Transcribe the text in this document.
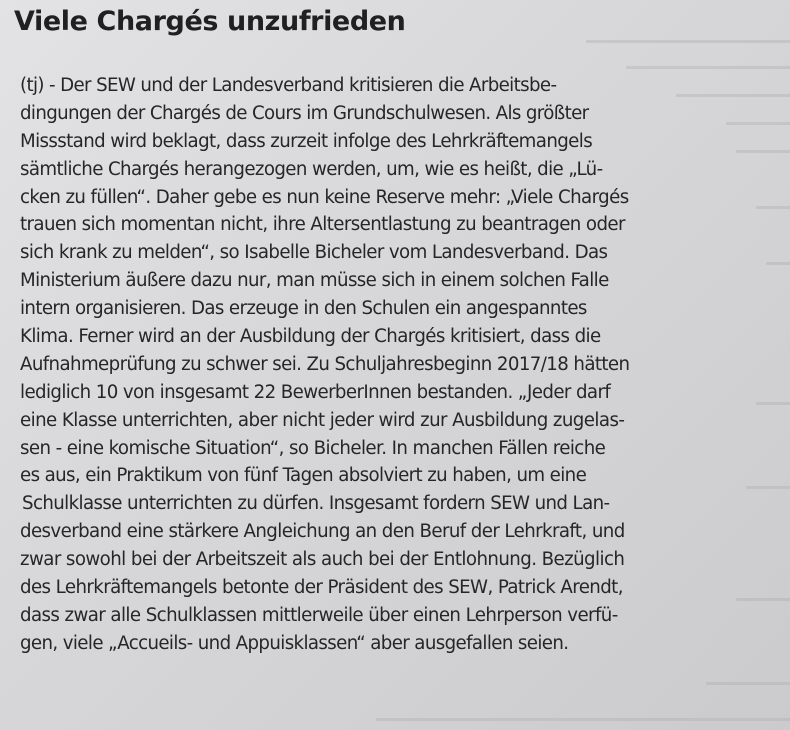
Viele Chargés unzufrieden
(tj) - Der SEW und der Landesverband kritisieren die Arbeitsbe-
dingungen der Chargés de Cours im Grundschulwesen. Als größter
Missstand wird beklagt, dass zurzeit infolge des Lehrkräftemangels
sämtliche Chargés herangezogen werden, um, wie es heißt, die „Lü-
cken zu füllen“. Daher gebe es nun keine Reserve mehr: „Viele Chargés
trauen sich momentan nicht, ihre Altersentlastung zu beantragen oder
sich krank zu melden“, so Isabelle Bicheler vom Landesverband. Das
Ministerium äußere dazu nur, man müsse sich in einem solchen Falle
intern organisieren. Das erzeuge in den Schulen ein angespanntes
Klima. Ferner wird an der Ausbildung der Chargés kritisiert, dass die
Aufnahmeprüfung zu schwer sei. Zu Schuljahresbeginn 2017/18 hätten
lediglich 10 von insgesamt 22 BewerberInnen bestanden. „Jeder darf
eine Klasse unterrichten, aber nicht jeder wird zur Ausbildung zugelas-
sen - eine komische Situation“, so Bicheler. In manchen Fällen reiche
es aus, ein Praktikum von fünf Tagen absolviert zu haben, um eine
Schulklasse unterrichten zu dürfen. Insgesamt fordern SEW und Lan-
desverband eine stärkere Angleichung an den Beruf der Lehrkraft, und
zwar sowohl bei der Arbeitszeit als auch bei der Entlohnung. Bezüglich
des Lehrkräftemangels betonte der Präsident des SEW, Patrick Arendt,
dass zwar alle Schulklassen mittlerweile über einen Lehrperson verfü-
gen, viele „Accueils- und Appuisklassen“ aber ausgefallen seien.
